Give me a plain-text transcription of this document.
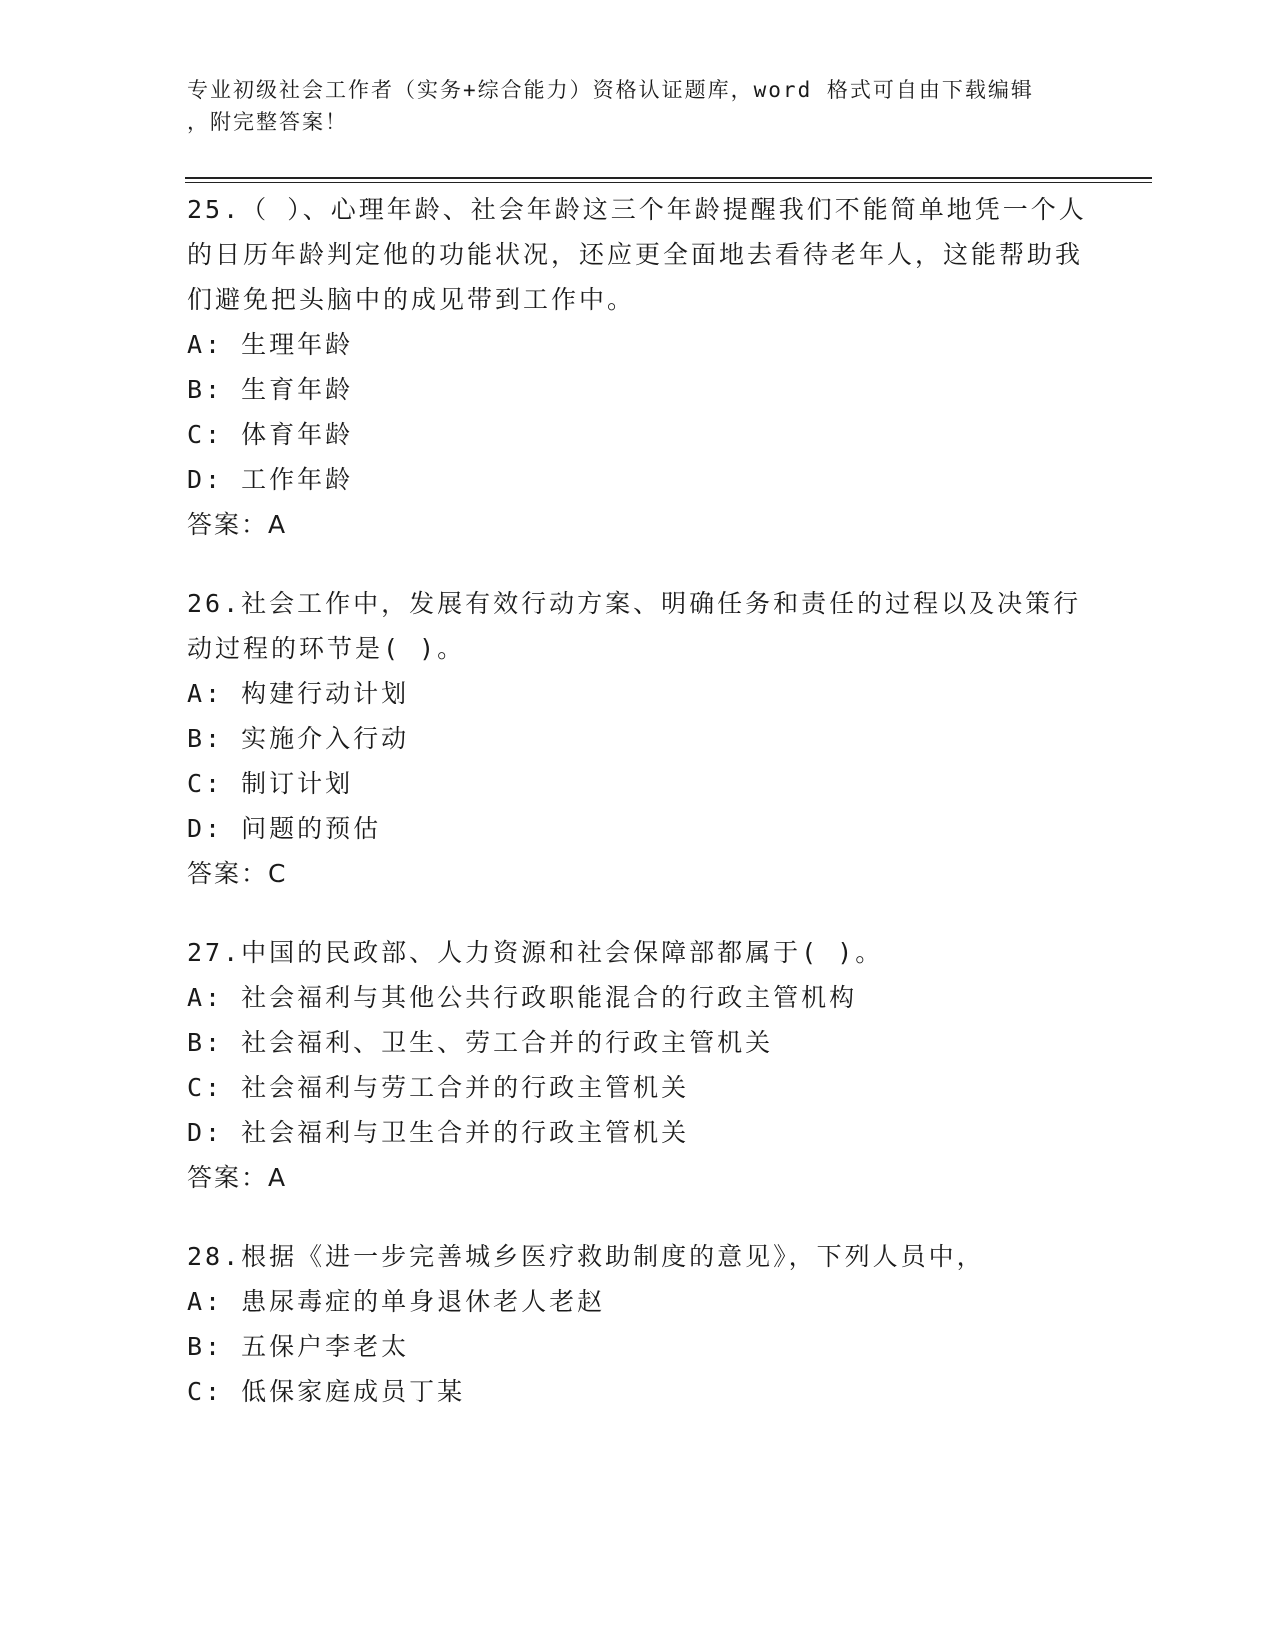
专业初级社会工作者（实务+综合能力）资格认证题库，word 格式可自由下载编辑
，附完整答案！

25.（ ）、心理年龄、社会年龄这三个年龄提醒我们不能简单地凭一个人的日历年龄判定他的功能状况，还应更全面地去看待老年人，这能帮助我们避免把头脑中的成见带到工作中。

A: 生理年龄

B: 生育年龄

C: 体育年龄

D: 工作年龄

答案：A

26.社会工作中，发展有效行动方案、明确任务和责任的过程以及决策行动过程的环节是( )。

A: 构建行动计划

B: 实施介入行动

C: 制订计划

D: 问题的预估

答案：C

27.中国的民政部、人力资源和社会保障部都属于( )。

A: 社会福利与其他公共行政职能混合的行政主管机构

B: 社会福利、卫生、劳工合并的行政主管机关

C: 社会福利与劳工合并的行政主管机关

D: 社会福利与卫生合并的行政主管机关

答案：A

28.根据《进一步完善城乡医疗救助制度的意见》，下列人员中，

A: 患尿毒症的单身退休老人老赵

B: 五保户李老太

C: 低保家庭成员丁某
